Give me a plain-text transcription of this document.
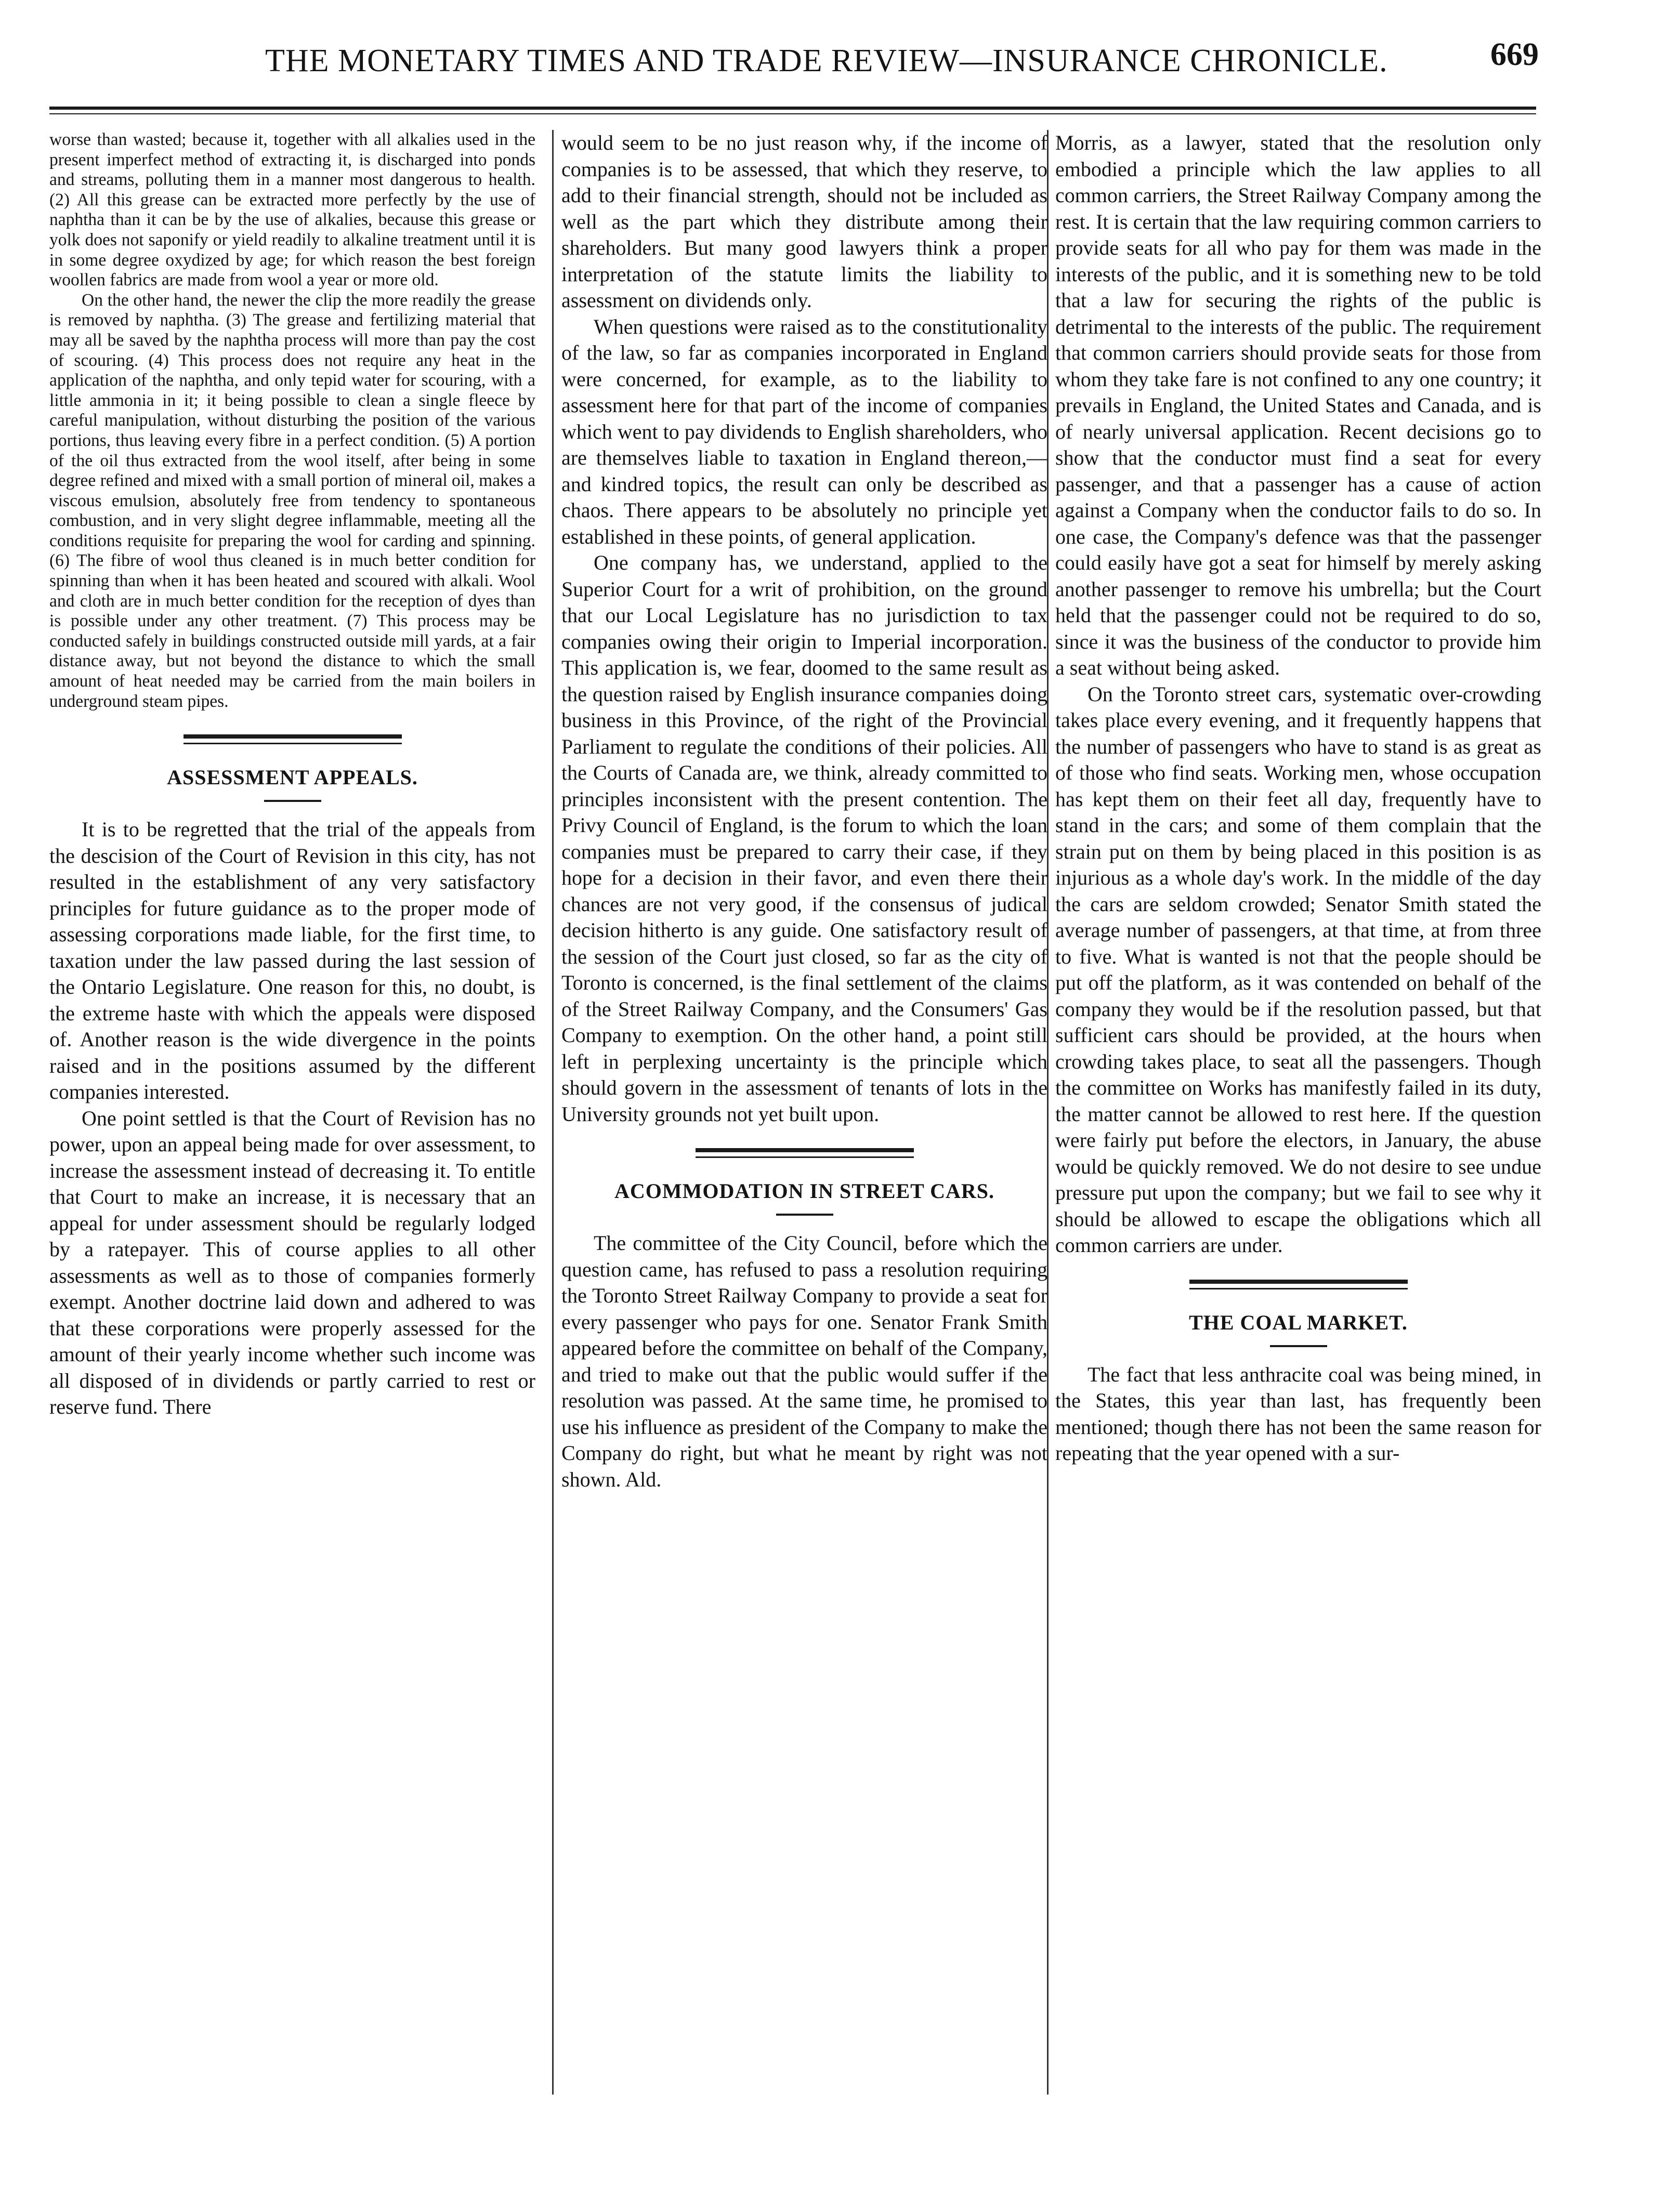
THE MONETARY TIMES AND TRADE REVIEW—INSURANCE CHRONICLE.	669

worse than wasted; because it, together with all alkalies used in the present imperfect method of extracting it, is discharged into ponds and streams, polluting them in a manner most dangerous to health. (2) All this grease can be extracted more perfectly by the use of naphtha than it can be by the use of alkalies, because this grease or yolk does not saponify or yield readily to alkaline treatment until it is in some degree oxydized by age; for which reason the best foreign woollen fabrics are made from wool a year or more old.

On the other hand, the newer the clip the more readily the grease is removed by naphtha. (3) The grease and fertilizing material that may all be saved by the naphtha process will more than pay the cost of scouring. (4) This process does not require any heat in the application of the naphtha, and only tepid water for scouring, with a little ammonia in it; it being possible to clean a single fleece by careful manipulation, without disturbing the position of the various portions, thus leaving every fibre in a perfect condition. (5) A portion of the oil thus extracted from the wool itself, after being in some degree refined and mixed with a small portion of mineral oil, makes a viscous emulsion, absolutely free from tendency to spontaneous combustion, and in very slight degree inflammable, meeting all the conditions requisite for preparing the wool for carding and spinning. (6) The fibre of wool thus cleaned is in much better condition for spinning than when it has been heated and scoured with alkali. Wool and cloth are in much better condition for the reception of dyes than is possible under any other treatment. (7) This process may be conducted safely in buildings constructed outside mill yards, at a fair distance away, but not beyond the distance to which the small amount of heat needed may be carried from the main boilers in underground steam pipes.

ASSESSMENT APPEALS.

It is to be regretted that the trial of the appeals from the descision of the Court of Revision in this city, has not resulted in the establishment of any very satisfactory principles for future guidance as to the proper mode of assessing corporations made liable, for the first time, to taxation under the law passed during the last session of the Ontario Legislature. One reason for this, no doubt, is the extreme haste with which the appeals were disposed of. Another reason is the wide divergence in the points raised and in the positions assumed by the different companies interested.

One point settled is that the Court of Revision has no power, upon an appeal being made for over assessment, to increase the assessment instead of decreasing it. To entitle that Court to make an increase, it is necessary that an appeal for under assessment should be regularly lodged by a ratepayer. This of course applies to all other assessments as well as to those of companies formerly exempt. Another doctrine laid down and adhered to was that these corporations were properly assessed for the amount of their yearly income whether such income was all disposed of in dividends or partly carried to rest or reserve fund. There

would seem to be no just reason why, if the income of companies is to be assessed, that which they reserve, to add to their financial strength, should not be included as well as the part which they distribute among their shareholders. But many good lawyers think a proper interpretation of the statute limits the liability to assessment on dividends only.

When questions were raised as to the constitutionality of the law, so far as companies incorporated in England were concerned, for example, as to the liability to assessment here for that part of the income of companies which went to pay dividends to English shareholders, who are themselves liable to taxation in England thereon,—and kindred topics, the result can only be described as chaos. There appears to be absolutely no principle yet established in these points, of general application.

One company has, we understand, applied to the Superior Court for a writ of prohibition, on the ground that our Local Legislature has no jurisdiction to tax companies owing their origin to Imperial incorporation. This application is, we fear, doomed to the same result as the question raised by English insurance companies doing business in this Province, of the right of the Provincial Parliament to regulate the conditions of their policies. All the Courts of Canada are, we think, already committed to principles inconsistent with the present contention. The Privy Council of England, is the forum to which the loan companies must be prepared to carry their case, if they hope for a decision in their favor, and even there their chances are not very good, if the consensus of judical decision hitherto is any guide. One satisfactory result of the session of the Court just closed, so far as the city of Toronto is concerned, is the final settlement of the claims of the Street Railway Company, and the Consumers' Gas Company to exemption. On the other hand, a point still left in perplexing uncertainty is the principle which should govern in the assessment of tenants of lots in the University grounds not yet built upon.

ACOMMODATION IN STREET CARS.

The committee of the City Council, before which the question came, has refused to pass a resolution requiring the Toronto Street Railway Company to provide a seat for every passenger who pays for one. Senator Frank Smith appeared before the committee on behalf of the Company, and tried to make out that the public would suffer if the resolution was passed. At the same time, he promised to use his influence as president of the Company to make the Company do right, but what he meant by right was not shown. Ald.

Morris, as a lawyer, stated that the resolution only embodied a principle which the law applies to all common carriers, the Street Railway Company among the rest. It is certain that the law requiring common carriers to provide seats for all who pay for them was made in the interests of the public, and it is something new to be told that a law for securing the rights of the public is detrimental to the interests of the public. The requirement that common carriers should provide seats for those from whom they take fare is not confined to any one country; it prevails in England, the United States and Canada, and is of nearly universal application. Recent decisions go to show that the conductor must find a seat for every passenger, and that a passenger has a cause of action against a Company when the conductor fails to do so. In one case, the Company's defence was that the passenger could easily have got a seat for himself by merely asking another passenger to remove his umbrella; but the Court held that the passenger could not be required to do so, since it was the business of the conductor to provide him a seat without being asked.

On the Toronto street cars, systematic over-crowding takes place every evening, and it frequently happens that the number of passengers who have to stand is as great as of those who find seats. Working men, whose occupation has kept them on their feet all day, frequently have to stand in the cars; and some of them complain that the strain put on them by being placed in this position is as injurious as a whole day's work. In the middle of the day the cars are seldom crowded; Senator Smith stated the average number of passengers, at that time, at from three to five. What is wanted is not that the people should be put off the platform, as it was contended on behalf of the company they would be if the resolution passed, but that sufficient cars should be provided, at the hours when crowding takes place, to seat all the passengers. Though the committee on Works has manifestly failed in its duty, the matter cannot be allowed to rest here. If the question were fairly put before the electors, in January, the abuse would be quickly removed. We do not desire to see undue pressure put upon the company; but we fail to see why it should be allowed to escape the obligations which all common carriers are under.

THE COAL MARKET.

The fact that less anthracite coal was being mined, in the States, this year than last, has frequently been mentioned; though there has not been the same reason for repeating that the year opened with a sur-
